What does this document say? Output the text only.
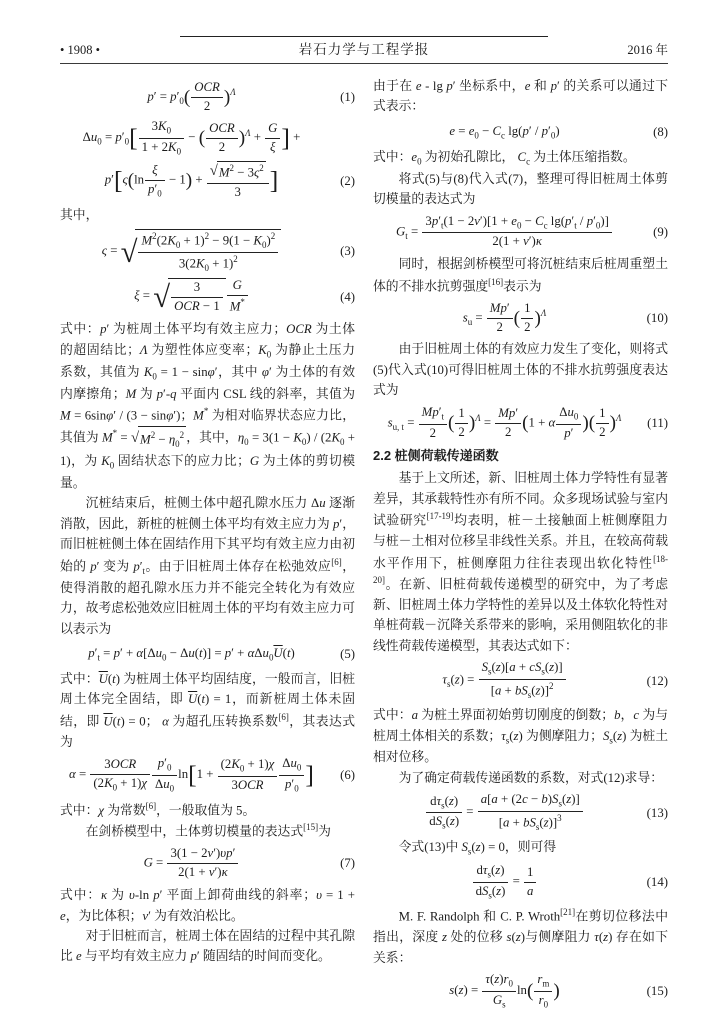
• 1908 •	岩石力学与工程学报	2016 年
$p' = p'_0$( OCR
2 )$^\Lambda$	(1)
$\Delta u_0 = p'_0[ \frac{3K_0}{1 + 2K_0}$ − ( OCR
2 )$^\Lambda + \frac{G}{\xi}$ ] +
$p'[\varsigma(\ln \frac{\xi}{p'_0} - 1) + \frac{√ M^2 - 3\varsigma^2}{3}$ ]	(2)

其中，

ς = √ $\frac{M^2(2K_0 + 1)^2 - 9(1 - K_0)^2}{3(2K_0 + 1)^2}$	(3)
ξ = √	3
OCR − $1 \frac{G}{M^*}$	(4)

式中：p′ 为桩周土体平均有效主应力；OCR 为土体的超固结比；Λ 为塑性体应变率；$K_0$ 为静止土压力系数，其值为 $K_0 = 1 - \sin\varphi'$，其中 φ′ 为土体的有效内摩擦角；M 为 p′-q 平面内 CSL 线的斜率，其值为 M = 6sinφ′ / (3 − sinφ′)；M* 为相对临界状态应力比，其值为 M* = √ $M^2 - \eta_0^2$ ，其中，$\eta_0 = 3(1 - K_0) / (2K_0 + 1)$，为 $K_0$ 固结状态下的应力比；G 为土体的剪切模量。

沉桩结束后，桩侧土体中超孔隙水压力 Δu 逐渐消散，因此，新桩的桩侧土体平均有效主应力为 p′，而旧桩桩侧土体在固结作用下其平均有效主应力由初始的 p′ 变为 $p'_t$。由于旧桩周土体存在松弛效应[6]，使得消散的超孔隙水压力并不能完全转化为有效应力，故考虑松弛效应旧桩周土体的平均有效主应力可以表示为

$p'_t = p' + \alpha[\Delta u_0 - \Delta u(t)] = p' + \alpha\Delta u_0\overline{U}(t)$	(5)

式中：$\overline{U}(t)$ 为桩周土体平均固结度，一般而言，旧桩周土体完全固结，即 $\overline{U}(t) = 1$，而新桩周土体未固结，即 $\overline{U}(t) = 0$； α 为超孔压转换系数[6]，其表达式为

α =
3OCR
$(2K_0 + 1)\chi \frac{p'_0}{\Delta u_0} \ln[1$ +
$(2K_0 + 1)\chi$
3OCR	$\frac{\Delta u_0}{p'_0}$ ]	(6)

式中：χ 为常数[6]，一般取值为 5。

在剑桥模型中，土体剪切模量的表达式[15]为

$G = \frac{3(1 - 2v')\upsilon p'}{2(1 + v')\kappa}$	(7)

式中：κ 为 υ-ln p′ 平面上卸荷曲线的斜率；υ = 1 + e，为比体积；v′ 为有效泊松比。

对于旧桩而言，桩周土体在固结的过程中其孔隙比 e 与平均有效主应力 p′ 随固结的时间而变化。

由于在 e - lg p′ 坐标系中，e 和 p′ 的关系可以通过下式表示：

$e = e_0 - C_c$ $\lg(p' / p'_0)$	(8)

式中：$e_0$ 为初始孔隙比， $C_c$ 为土体压缩指数。

将式(5)与(8)代入式(7)，整理可得旧桩周土体剪切模量的表达式为

$G_t = \frac{3p'_t(1 - 2v')[1 + e_0 - C_c \lg(p'_t / p'_0)]}{2(1 + v')\kappa}$	(9)

同时，根据剑桥模型可将沉桩结束后桩周重塑土体的不排水抗剪强度[16]表示为

$s_u = \frac{Mp'}{2}$ ( $\frac{1}{2} )^\Lambda$	(10)

由于旧桩周土体的有效应力发生了变化，则将式(5)代入式(10)可得旧桩周土体的不排水抗剪强度表达式为

$s_{u, t} = \frac{Mp'_t}{2}$ ( $\frac{1}{2} )^\Lambda = \frac{Mp'}{2} (1 + \alpha \frac{\Delta u_0}{p'}$ )( $\frac{1}{2} )^\Lambda$	(11)
2.2 桩侧荷载传递函数

基于上文所述，新、旧桩周土体力学特性有显著差异，其承载特性亦有所不同。众多现场试验与室内试验研究[17-19]均表明，桩－土接触面上桩侧摩阻力与桩－土相对位移呈非线性关系。并且，在较高荷载水平作用下，桩侧摩阻力往往表现出软化特性[18-20]。在新、旧桩荷载传递模型的研究中，为了考虑新、旧桩周土体力学特性的差异以及土体软化特性对单桩荷载－沉降关系带来的影响，采用侧阻软化的非线性荷载传递模型，其表达式如下：

$\tau_s(z)$ =
$S_s(z)[a + cS_s(z)]$
$[a + bS_s(z)]^2$	(12)

式中：a 为桩土界面初始剪切刚度的倒数；b，c 为与桩周土体相关的系数；$\tau_s(z)$ 为侧摩阻力；$S_s(z)$ 为桩土相对位移。

为了确定荷载传递函数的系数，对式(12)求导：

$d\tau_s(z)$
$dS_s(z)$
=
$a[a + (2c - b)S_s(z)]$
$[a + bS_s(z)]^3$	(13)

令式(13)中 $S_s(z) = 0$，则可得

$d\tau_s(z)$
$dS_s(z)$
= $\frac{1}{a}$	(14)

M. F. Randolph 和 C. P. Wroth[21]在剪切位移法中指出，深度 z 处的位移 s(z)与侧摩阻力 τ(z) 存在如下关系：

$s(z) = \frac{\tau(z)r_0}{G_s} \ln( \frac{r_m}{r_0}$ )	(15)
